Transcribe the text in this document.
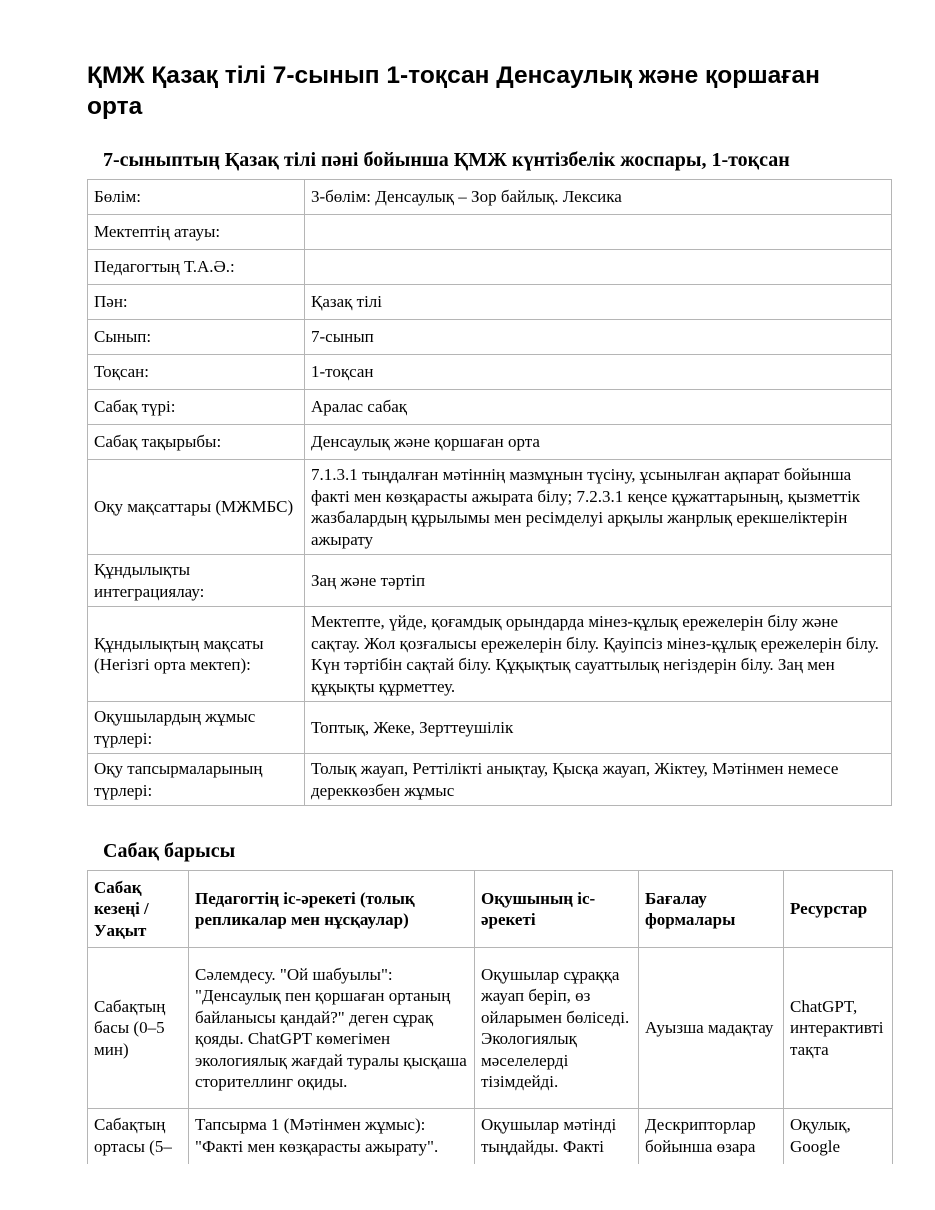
ҚМЖ Қазақ тілі 7-сынып 1-тоқсан Денсаулық және қоршаған орта
7-сыныптың Қазақ тілі пәні бойынша ҚМЖ күнтізбелік жоспары, 1-тоқсан
Бөлім:	3-бөлім: Денсаулық – Зор байлық. Лексика
Мектептің атауы:	
Педагогтың Т.А.Ә.:	
Пән:	Қазақ тілі
Сынып:	7-сынып
Тоқсан:	1-тоқсан
Сабақ түрі:	Аралас сабақ
Сабақ тақырыбы:	Денсаулық және қоршаған орта
Оқу мақсаттары (МЖМБС)	7.1.3.1 тыңдалған мәтіннің мазмұнын түсіну, ұсынылған ақпарат бойынша факті мен көзқарасты ажырата білу; 7.2.3.1 кеңсе құжаттарының, қызметтік жазбалардың құрылымы мен ресімделуі арқылы жанрлық ерекшеліктерін ажырату
Құндылықты интеграциялау:	Заң және тәртіп
Құндылықтың мақсаты (Негізгі орта мектеп):	Мектепте, үйде, қоғамдық орындарда мінез-құлық ережелерін білу және сақтау. Жол қозғалысы ережелерін білу. Қауіпсіз мінез-құлық ережелерін білу. Күн тәртібін сақтай білу. Құқықтық сауаттылық негіздерін білу. Заң мен құқықты құрметтеу.
Оқушылардың жұмыс түрлері:	Топтық, Жеке, Зерттеушілік
Оқу тапсырмаларының түрлері:	Толық жауап, Реттілікті анықтау, Қысқа жауап, Жіктеу, Мәтінмен немесе дереккөзбен жұмыс
Сабақ барысы
Сабақ кезеңі / Уақыт	Педагогтің іс-әрекеті (толық репликалар мен нұсқаулар)	Оқушының іс-әрекеті	Бағалау формалары	Ресурстар
Сабақтың басы (0–5 мин)	Сәлемдесу. "Ой шабуылы": "Денсаулық пен қоршаған ортаның байланысы қандай?" деген сұрақ қояды. ChatGPT көмегімен экологиялық жағдай туралы қысқаша сторителлинг оқиды.	Оқушылар сұраққа жауап беріп, өз ойларымен бөліседі. Экологиялық мәселелерді тізімдейді.	Ауызша мадақтау	ChatGPT, интерактивті тақта
Сабақтың ортасы (5–	Тапсырма 1 (Мәтінмен жұмыс): "Факті мен көзқарасты ажырату".	Оқушылар мәтінді тыңдайды. Факті	Дескрипторлар бойынша өзара	Оқулық, Google
